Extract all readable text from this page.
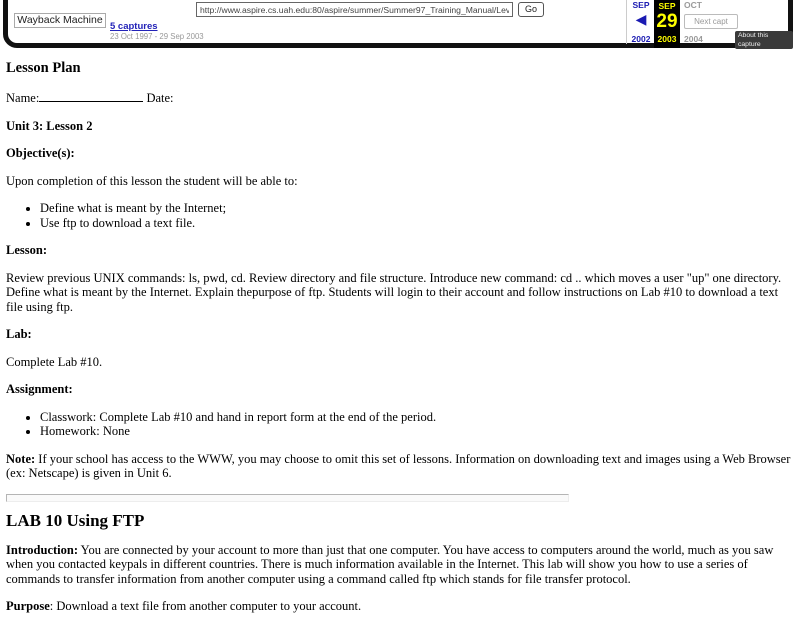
Wayback Machine
http://www.aspire.cs.uah.edu:80/aspire/summer/Summer97_Training_Manual/Lev
Go
5 captures
23 Oct 1997 - 29 Sep 2003
SEP
◀
2002
SEP
29
2003
OCT
Next capt
2004	About this capture
Lesson Plan

Name:	Date:

Unit 3: Lesson 2

Objective(s):

Upon completion of this lesson the student will be able to:

• Define what is meant by the Internet;
• Use ftp to download a text file.

Lesson:

Review previous UNIX commands: ls, pwd, cd. Review directory and file structure. Introduce new command: cd .. which moves a user "up" one directory. Define what is meant by the Internet. Explain thepurpose of ftp. Students will login to their account and follow instructions on Lab #10 to download a text file using ftp.

Lab:

Complete Lab #10.

Assignment:

• Classwork: Complete Lab #10 and hand in report form at the end of the period.
• Homework: None

Note: If your school has access to the WWW, you may choose to omit this set of lessons. Information on downloading text and images using a Web Browser (ex: Netscape) is given in Unit 6.

LAB 10 Using FTP

Introduction: You are connected by your account to more than just that one computer. You have access to computers around the world, much as you saw when you contacted keypals in different countries. There is much information available in the Internet. This lab will show you how to use a series of commands to transfer information from another computer using a command called ftp which stands for file transfer protocol.

Purpose: Download a text file from another computer to your account.
